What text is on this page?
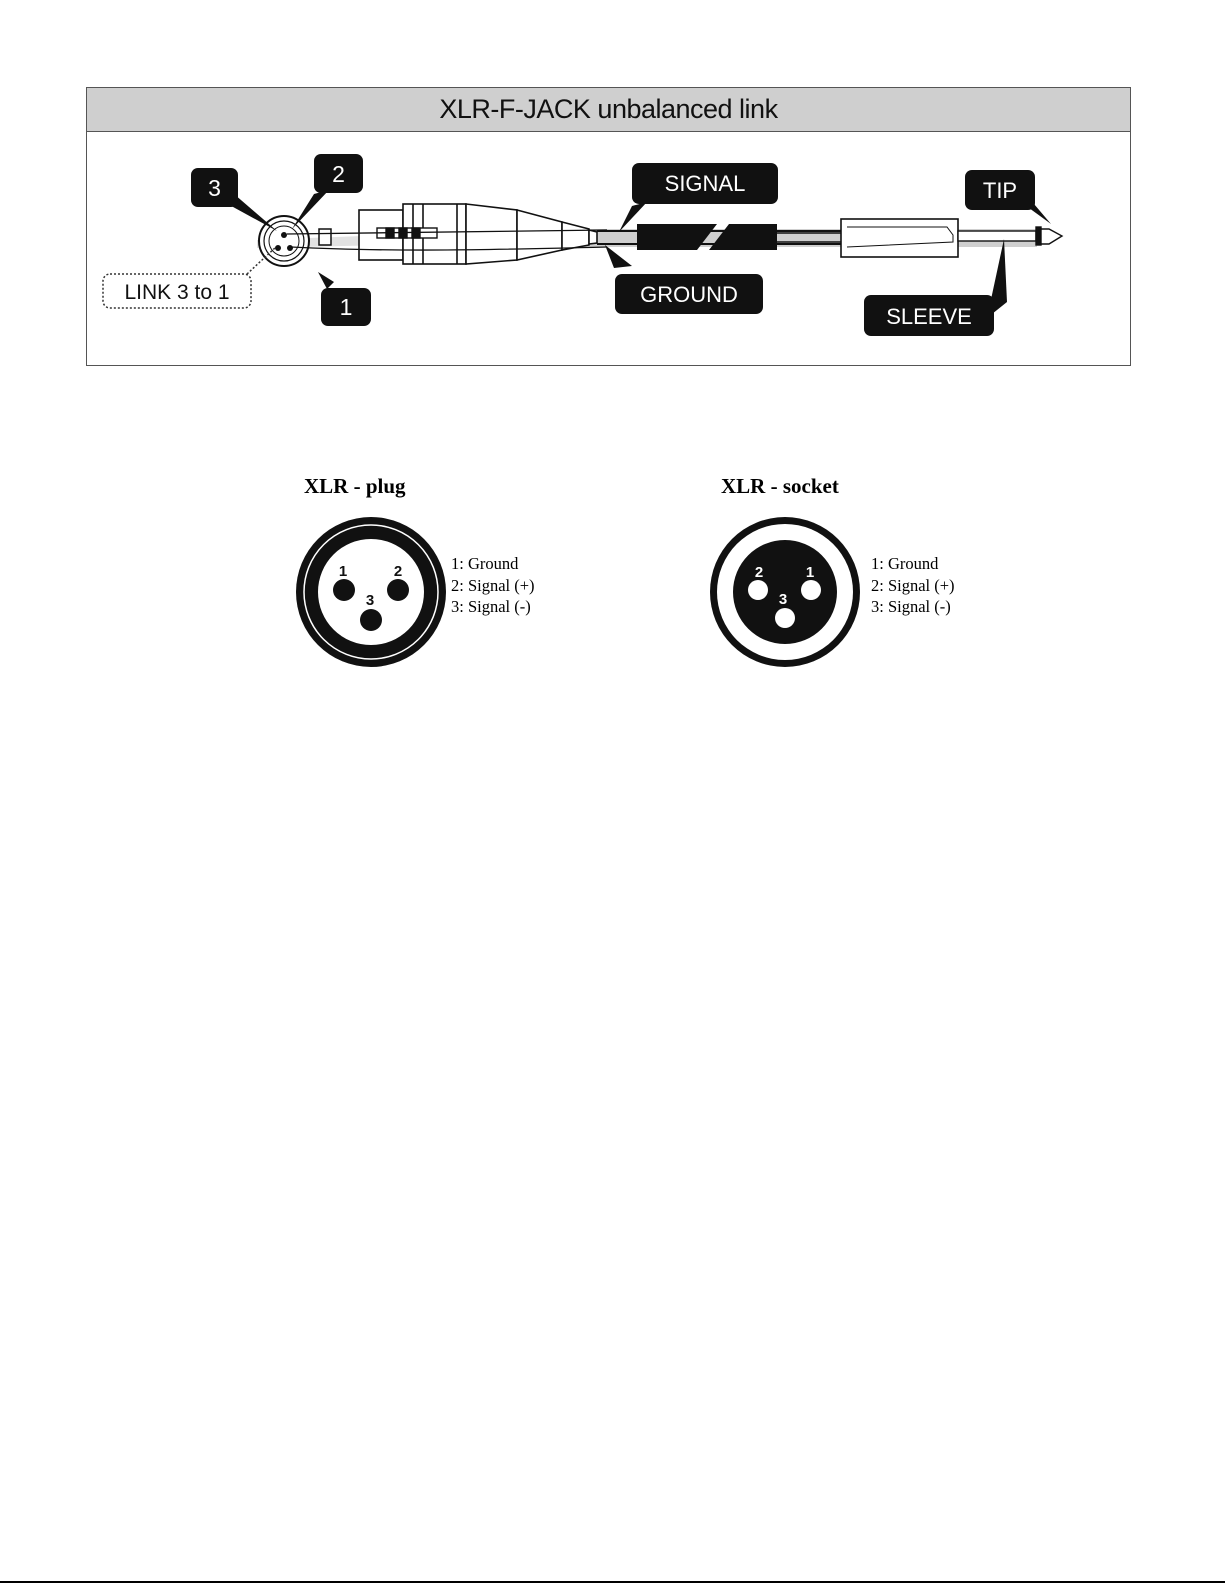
XLR-F-JACK unbalanced link
3
2
1
LINK 3 to 1
SIGNAL
GROUND
TIP
SLEEVE
XLR - plug
1	2
3
1: Ground
2: Signal (+)
3: Signal (-)
XLR - socket
2	1
3
1: Ground
2: Signal (+)
3: Signal (-)
